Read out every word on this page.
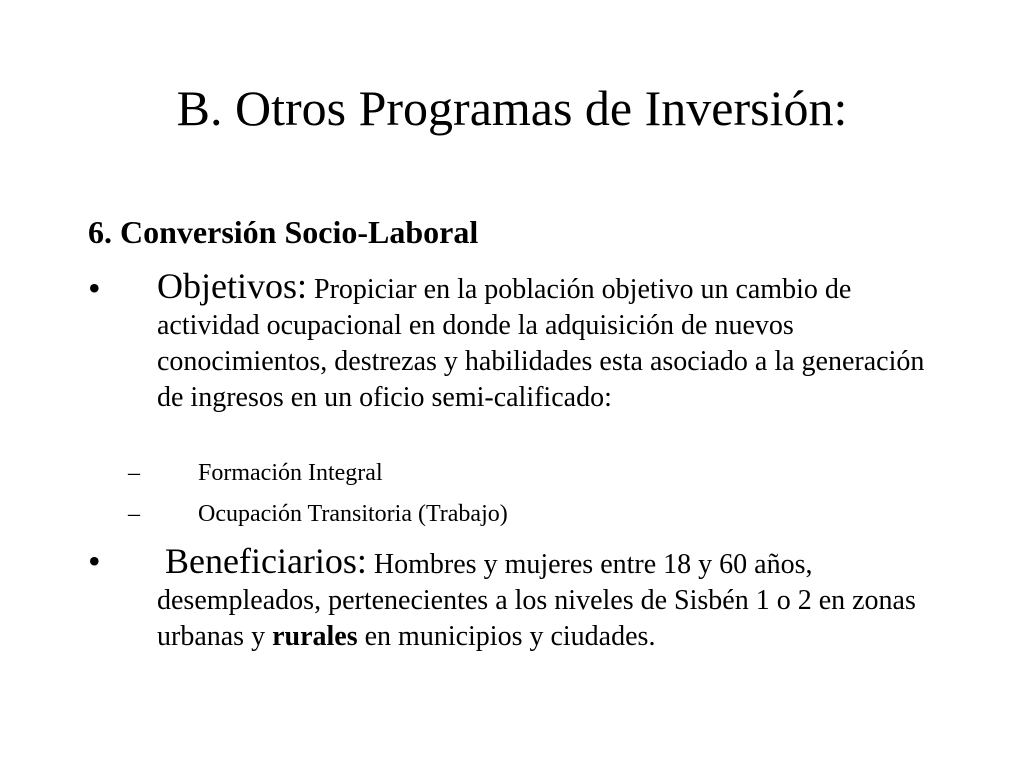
B. Otros Programas de Inversión:
6. Conversión Socio-Laboral
• Objetivos: Propiciar en la población objetivo un cambio de actividad ocupacional en donde la adquisición de nuevos conocimientos, destrezas y habilidades esta asociado a la generación de ingresos en un oficio semi-calificado:
– Formación Integral
– Ocupación Transitoria (Trabajo)
• Beneficiarios: Hombres y mujeres entre 18 y 60 años, desempleados, pertenecientes a los niveles de Sisbén 1 o 2 en zonas urbanas y rurales en municipios y ciudades.
